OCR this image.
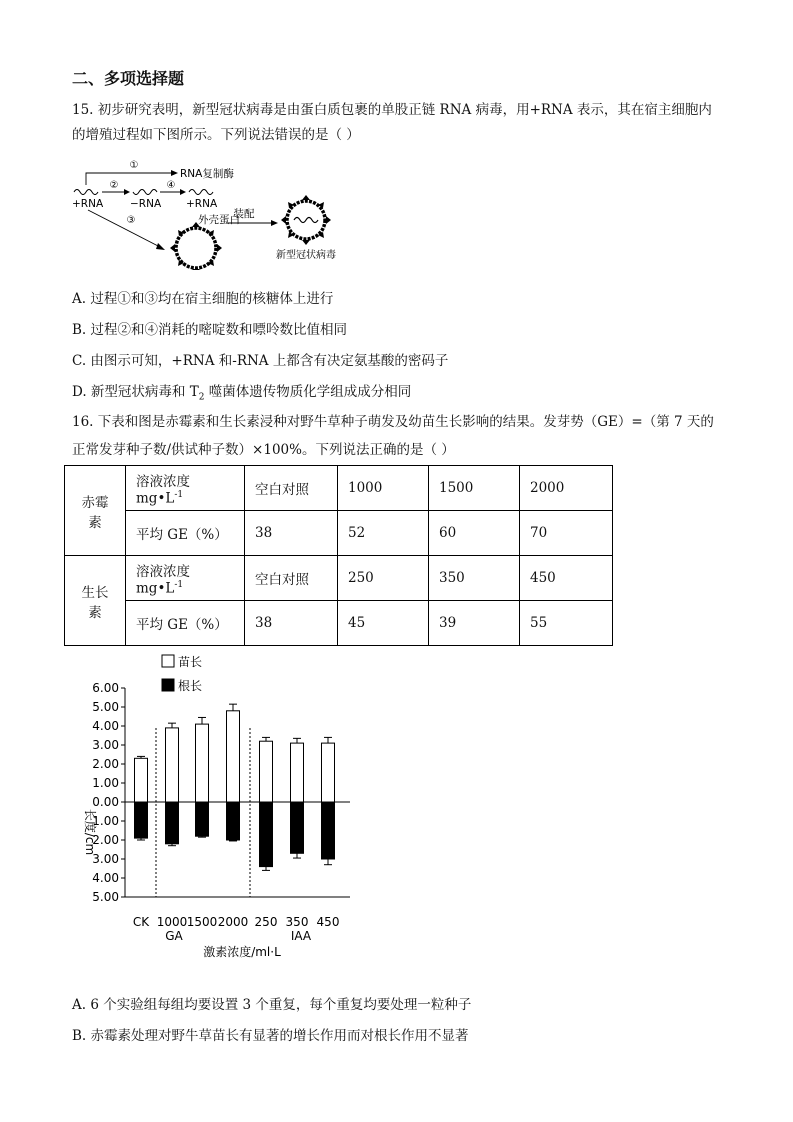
二、多项选择题
15. 初步研究表明，新型冠状病毒是由蛋白质包裹的单股正链 RNA 病毒，用+RNA 表示，其在宿主细胞内
的增殖过程如下图所示。下列说法错误的是（ ）
①
RNA复制酶
+RNA
②
−RNA
④
+RNA
③	外壳蛋白
装配
新型冠状病毒
A. 过程①和③均在宿主细胞的核糖体上进行
B. 过程②和④消耗的嘧啶数和嘌呤数比值相同
C. 由图示可知，+RNA 和-RNA 上都含有决定氨基酸的密码子
D. 新型冠状病毒和 $T_2$ 噬菌体遗传物质化学组成成分相同
16. 下表和图是赤霉素和生长素浸种对野牛草种子萌发及幼苗生长影响的结果。发芽势（GE）=（第 7 天的
正常发芽种子数/供试种子数）×100%。下列说法正确的是（ ）
赤霉素	溶液浓度 $mg•L^{-1}$	空白对照	1000	1500	2000
	平均 GE（%）	38	52	60	70
生长素	溶液浓度 $mg•L^{-1}$	空白对照	250	350	450
	平均 GE（%）	38	45	39	55
苗长
根长
长度/cm
6.00
5.00
4.00
3.00
2.00
1.00
0.00
1.00
2.00
3.00
4.00
5.00
CK 1000 1500 2000 250 350 450
GA	IAA
激素浓度/ml·L
A. 6 个实验组每组均要设置 3 个重复，每个重复均要处理一粒种子
B. 赤霉素处理对野牛草苗长有显著的增长作用而对根长作用不显著
